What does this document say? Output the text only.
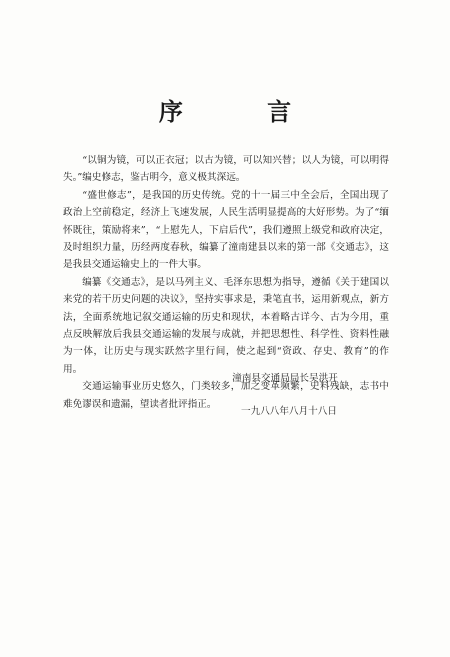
序 言

“以铜为镜，可以正衣冠；以古为镜，可以知兴替；以人为镜，可以明得失。”编史修志，鉴古明今，意义极其深远。

“盛世修志”，是我国的历史传统。党的十一届三中全会后，全国出现了政治上空前稳定，经济上飞速发展，人民生活明显提高的大好形势。为了“缅怀既往，策励将来”，“上慰先人，下启后代”，我们遵照上级党和政府决定，及时组织力量，历经两度春秋，编纂了潼南建县以来的第一部《交通志》，这是我县交通运输史上的一件大事。

编纂《交通志》，是以马列主义、毛泽东思想为指导，遵循《关于建国以来党的若干历史问题的决议》，坚持实事求是，秉笔直书，运用新观点，新方法，全面系统地记叙交通运输的历史和现状，本着略古详今、古为今用，重点反映解放后我县交通运输的发展与成就，并把思想性、科学性、资料性融为一体，让历史与现实跃然字里行间，使之起到“资政、存史、教育”的作用。

交通运输事业历史悠久，门类较多，加之变革频繁，史料残缺，志书中难免谬误和遗漏，望读者批评指正。

潼南县交通局局长吴洪开
一九八八年八月十八日
